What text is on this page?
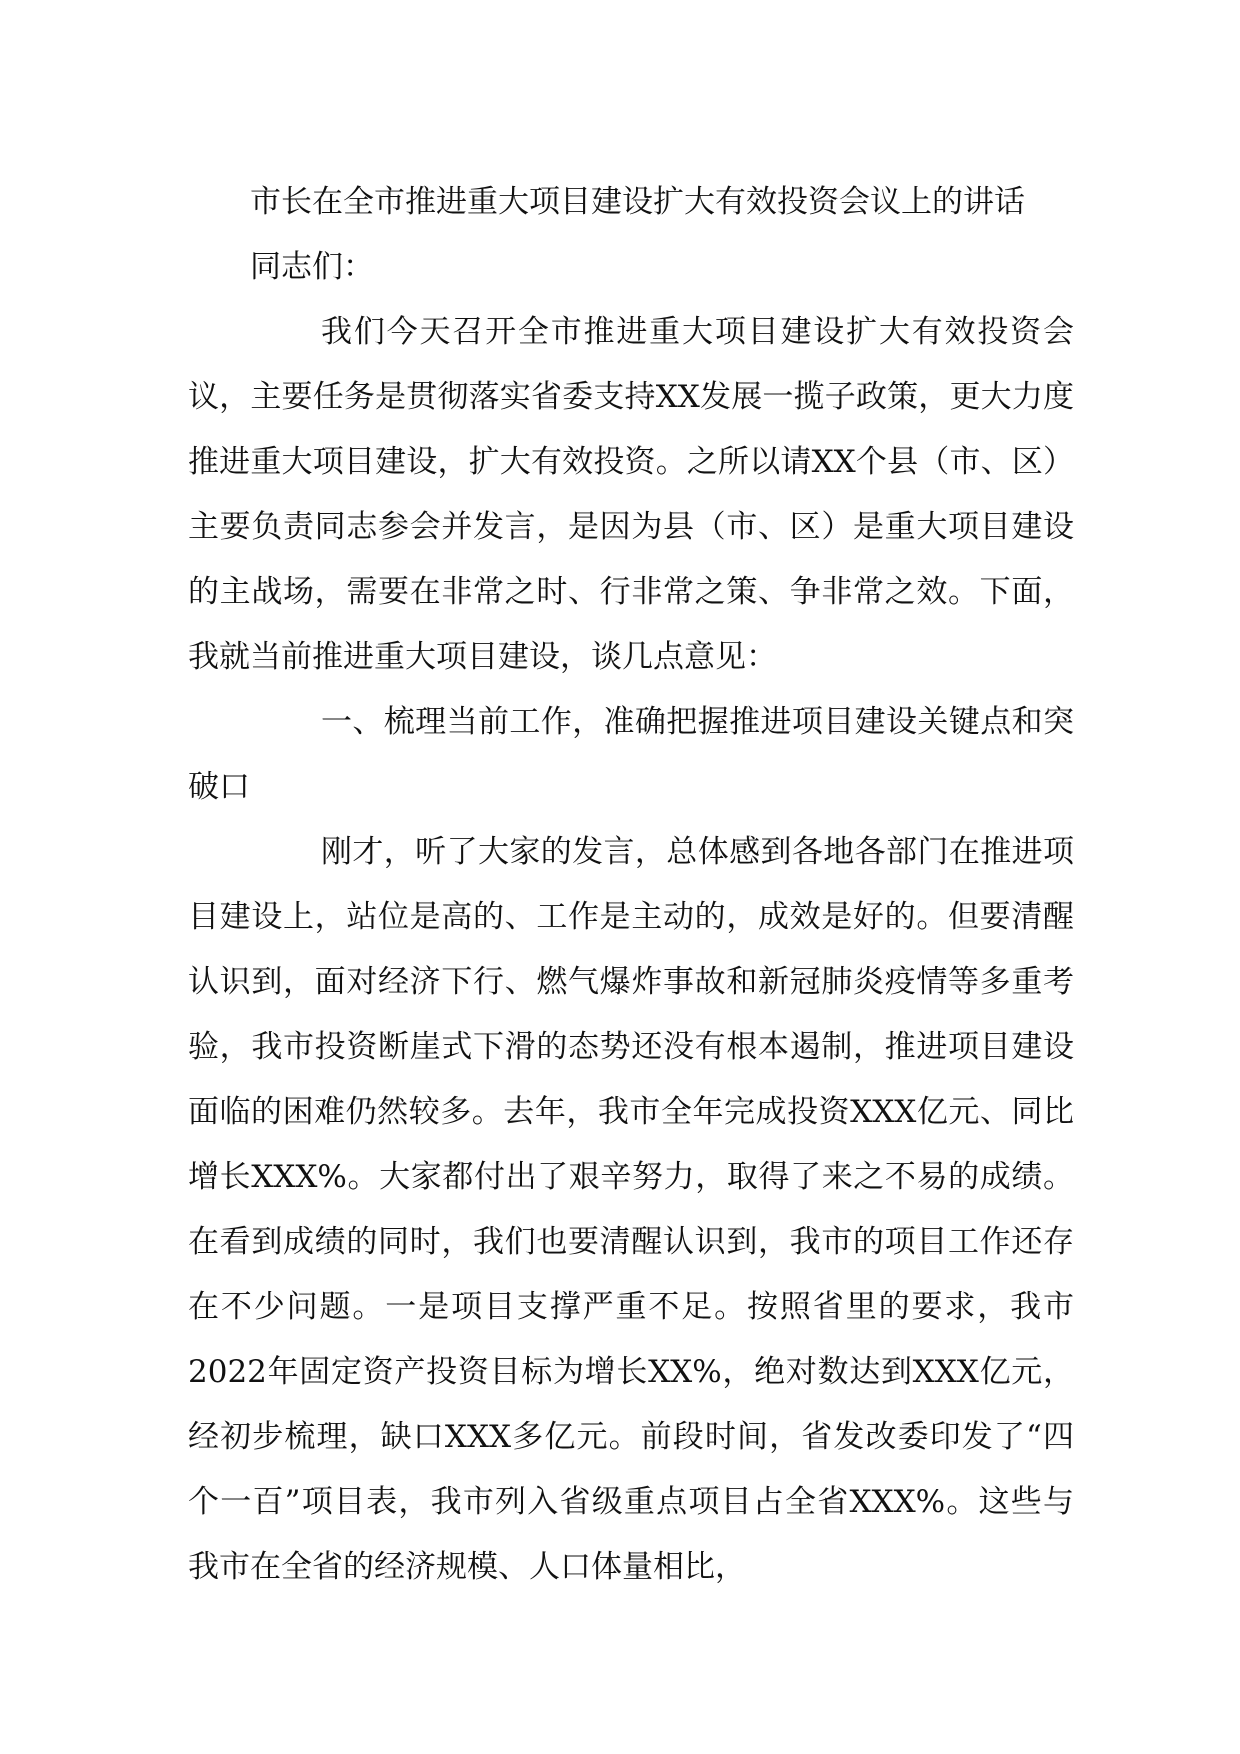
市长在全市推进重大项目建设扩大有效投资会议上的讲话

同志们：

我们今天召开全市推进重大项目建设扩大有效投资会议，主要任务是贯彻落实省委支持XX发展一揽子政策，更大力度推进重大项目建设，扩大有效投资。之所以请XX个县（市、区）主要负责同志参会并发言，是因为县（市、区）是重大项目建设的主战场，需要在非常之时、行非常之策、争非常之效。下面，我就当前推进重大项目建设，谈几点意见：

一、梳理当前工作，准确把握推进项目建设关键点和突破口

刚才，听了大家的发言，总体感到各地各部门在推进项目建设上，站位是高的、工作是主动的，成效是好的。但要清醒认识到，面对经济下行、燃气爆炸事故和新冠肺炎疫情等多重考验，我市投资断崖式下滑的态势还没有根本遏制，推进项目建设面临的困难仍然较多。去年，我市全年完成投资XXX亿元、同比增长XXX%。大家都付出了艰辛努力，取得了来之不易的成绩。在看到成绩的同时，我们也要清醒认识到，我市的项目工作还存在不少问题。一是项目支撑严重不足。按照省里的要求，我市2022年固定资产投资目标为增长XX%，绝对数达到XXX亿元，经初步梳理，缺口XXX多亿元。前段时间，省发改委印发了“四个一百”项目表，我市列入省级重点项目占全省XXX%。这些与我市在全省的经济规模、人口体量相比，
